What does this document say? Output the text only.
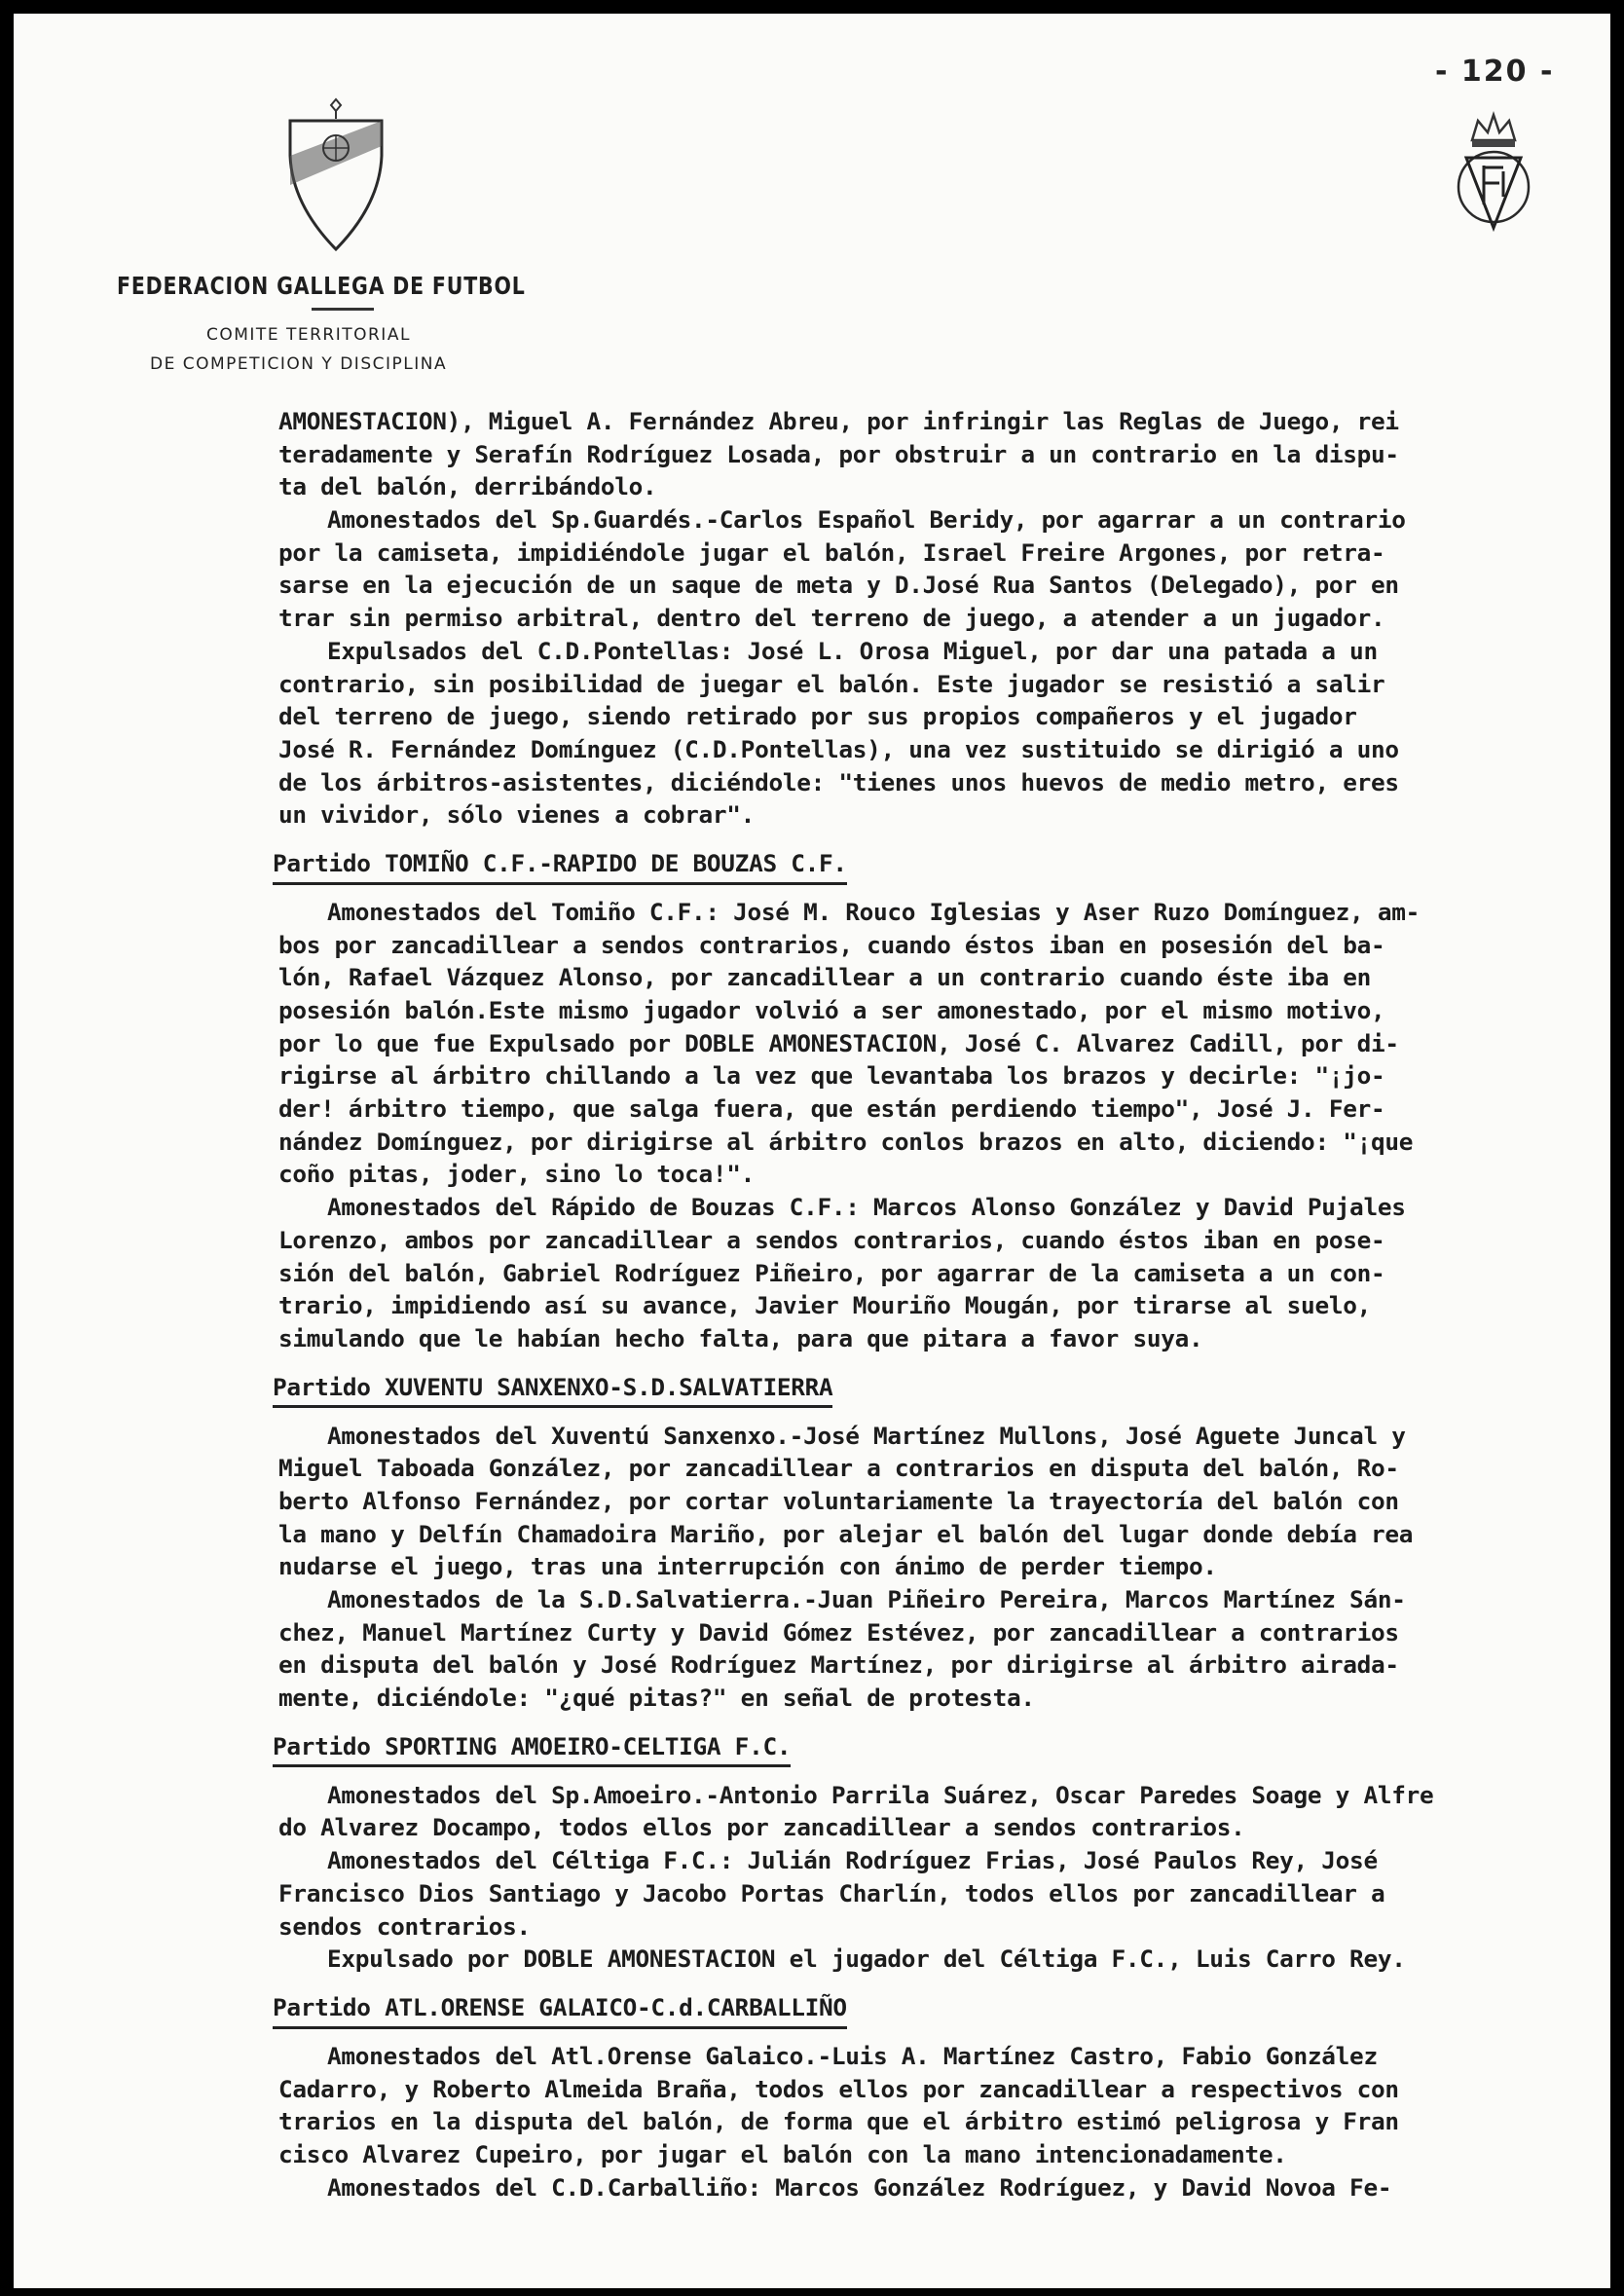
- 120 -
FEDERACION GALLEGA DE FUTBOL
COMITE TERRITORIAL
DE COMPETICION Y DISCIPLINA
AMONESTACION), Miguel A. Fernández Abreu, por infringir las Reglas de Juego, rei
teradamente y Serafín Rodríguez Losada, por obstruir a un contrario en la dispu-
ta del balón, derribándolo.
Amonestados del Sp.Guardés.-Carlos Español Beridy, por agarrar a un contrario
por la camiseta, impidiéndole jugar el balón, Israel Freire Argones, por retra-
sarse en la ejecución de un saque de meta y D.José Rua Santos (Delegado), por en
trar sin permiso arbitral, dentro del terreno de juego, a atender a un jugador.
Expulsados del C.D.Pontellas: José L. Orosa Miguel, por dar una patada a un
contrario, sin posibilidad de juegar el balón. Este jugador se resistió a salir
del terreno de juego, siendo retirado por sus propios compañeros y el jugador
José R. Fernández Domínguez (C.D.Pontellas), una vez sustituido se dirigió a uno
de los árbitros-asistentes, diciéndole: "tienes unos huevos de medio metro, eres
un vividor, sólo vienes a cobrar".
Partido TOMIÑO C.F.-RAPIDO DE BOUZAS C.F.
Amonestados del Tomiño C.F.: José M. Rouco Iglesias y Aser Ruzo Domínguez, am-
bos por zancadillear a sendos contrarios, cuando éstos iban en posesión del ba-
lón, Rafael Vázquez Alonso, por zancadillear a un contrario cuando éste iba en
posesión balón.Este mismo jugador volvió a ser amonestado, por el mismo motivo,
por lo que fue Expulsado por DOBLE AMONESTACION, José C. Alvarez Cadill, por di-
rigirse al árbitro chillando a la vez que levantaba los brazos y decirle: "¡jo-
der! árbitro tiempo, que salga fuera, que están perdiendo tiempo", José J. Fer-
nández Domínguez, por dirigirse al árbitro conlos brazos en alto, diciendo: "¡que
coño pitas, joder, sino lo toca!".
Amonestados del Rápido de Bouzas C.F.: Marcos Alonso González y David Pujales
Lorenzo, ambos por zancadillear a sendos contrarios, cuando éstos iban en pose-
sión del balón, Gabriel Rodríguez Piñeiro, por agarrar de la camiseta a un con-
trario, impidiendo así su avance, Javier Mouriño Mougán, por tirarse al suelo,
simulando que le habían hecho falta, para que pitara a favor suya.
Partido XUVENTU SANXENXO-S.D.SALVATIERRA
Amonestados del Xuventú Sanxenxo.-José Martínez Mullons, José Aguete Juncal y
Miguel Taboada González, por zancadillear a contrarios en disputa del balón, Ro-
berto Alfonso Fernández, por cortar voluntariamente la trayectoría del balón con
la mano y Delfín Chamadoira Mariño, por alejar el balón del lugar donde debía rea
nudarse el juego, tras una interrupción con ánimo de perder tiempo.
Amonestados de la S.D.Salvatierra.-Juan Piñeiro Pereira, Marcos Martínez Sán-
chez, Manuel Martínez Curty y David Gómez Estévez, por zancadillear a contrarios
en disputa del balón y José Rodríguez Martínez, por dirigirse al árbitro airada-
mente, diciéndole: "¿qué pitas?" en señal de protesta.
Partido SPORTING AMOEIRO-CELTIGA F.C.
Amonestados del Sp.Amoeiro.-Antonio Parrila Suárez, Oscar Paredes Soage y Alfre
do Alvarez Docampo, todos ellos por zancadillear a sendos contrarios.
Amonestados del Céltiga F.C.: Julián Rodríguez Frias, José Paulos Rey, José
Francisco Dios Santiago y Jacobo Portas Charlín, todos ellos por zancadillear a
sendos contrarios.
Expulsado por DOBLE AMONESTACION el jugador del Céltiga F.C., Luis Carro Rey.
Partido ATL.ORENSE GALAICO-C.d.CARBALLIÑO
Amonestados del Atl.Orense Galaico.-Luis A. Martínez Castro, Fabio González
Cadarro, y Roberto Almeida Braña, todos ellos por zancadillear a respectivos con
trarios en la disputa del balón, de forma que el árbitro estimó peligrosa y Fran
cisco Alvarez Cupeiro, por jugar el balón con la mano intencionadamente.
Amonestados del C.D.Carballiño: Marcos González Rodríguez, y David Novoa Fe-
